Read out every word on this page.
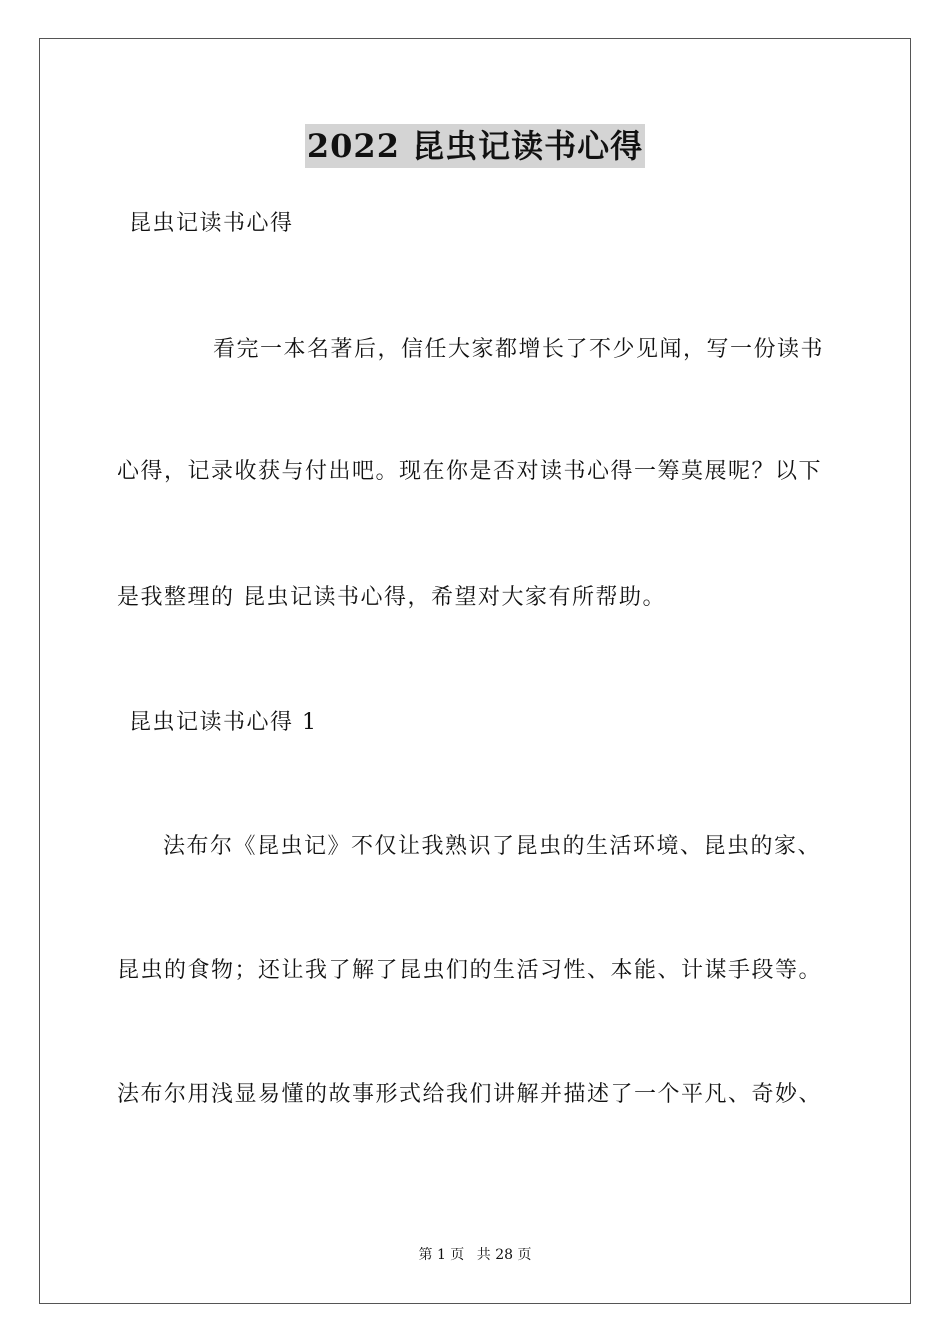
2022 昆虫记读书心得
昆虫记读书心得
看完一本名著后，信任大家都增长了不少见闻，写一份读书
心得，记录收获与付出吧。现在你是否对读书心得一筹莫展呢？以下
是我整理的 昆虫记读书心得，希望对大家有所帮助。
昆虫记读书心得 1
法布尔《昆虫记》不仅让我熟识了昆虫的生活环境、昆虫的家、
昆虫的食物；还让我了解了昆虫们的生活习性、本能、计谋手段等。
法布尔用浅显易懂的故事形式给我们讲解并描述了一个平凡、奇妙、
第 1 页 共 28 页
